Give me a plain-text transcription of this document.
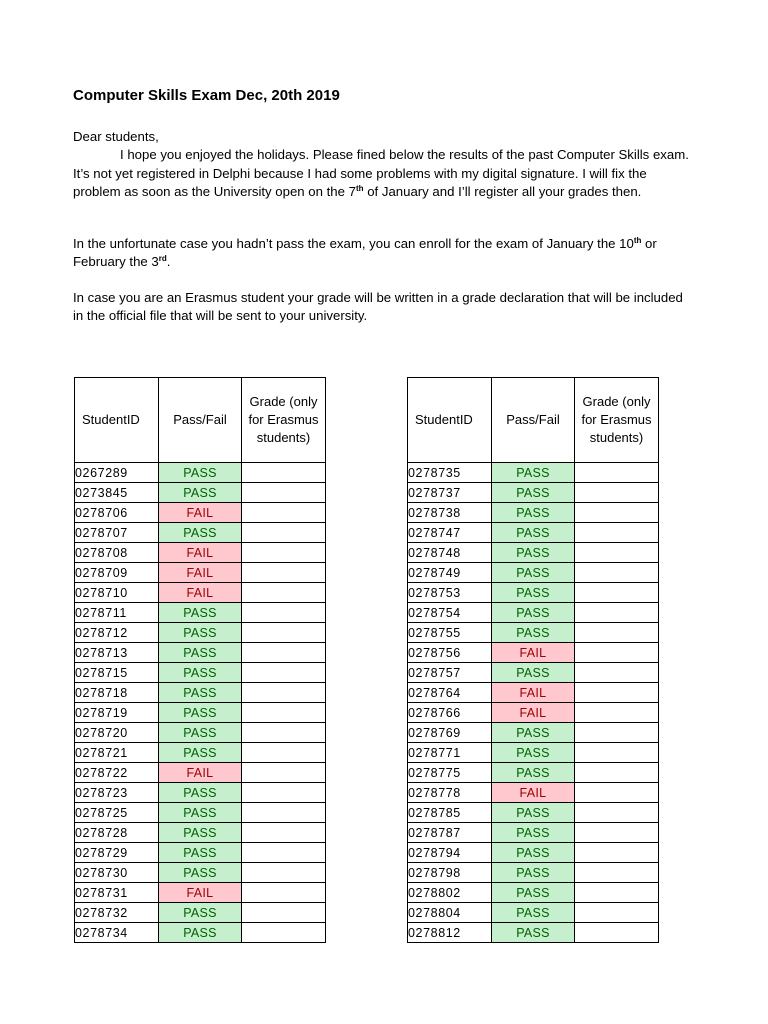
Computer Skills Exam Dec, 20th 2019
Dear students,
I hope you enjoyed the holidays. Please fined below the results of the past Computer Skills exam. It’s not yet registered in Delphi because I had some problems with my digital signature. I will fix the problem as soon as the University open on the 7th of January and I’ll register all your grades then.
In the unfortunate case you hadn’t pass the exam, you can enroll for the exam of January the 10th or February the 3rd.
In case you are an Erasmus student your grade will be written in a grade declaration that will be included in the official file that will be sent to your university.
StudentID	Pass/Fail	Grade (only for Erasmus students)
0267289	PASS	
0273845	PASS	
0278706	FAIL	
0278707	PASS	
0278708	FAIL	
0278709	FAIL	
0278710	FAIL	
0278711	PASS	
0278712	PASS	
0278713	PASS	
0278715	PASS	
0278718	PASS	
0278719	PASS	
0278720	PASS	
0278721	PASS	
0278722	FAIL	
0278723	PASS	
0278725	PASS	
0278728	PASS	
0278729	PASS	
0278730	PASS	
0278731	FAIL	
0278732	PASS	
0278734	PASS	
StudentID	Pass/Fail	Grade (only for Erasmus students)
0278735	PASS	
0278737	PASS	
0278738	PASS	
0278747	PASS	
0278748	PASS	
0278749	PASS	
0278753	PASS	
0278754	PASS	
0278755	PASS	
0278756	FAIL	
0278757	PASS	
0278764	FAIL	
0278766	FAIL	
0278769	PASS	
0278771	PASS	
0278775	PASS	
0278778	FAIL	
0278785	PASS	
0278787	PASS	
0278794	PASS	
0278798	PASS	
0278802	PASS	
0278804	PASS	
0278812	PASS	
